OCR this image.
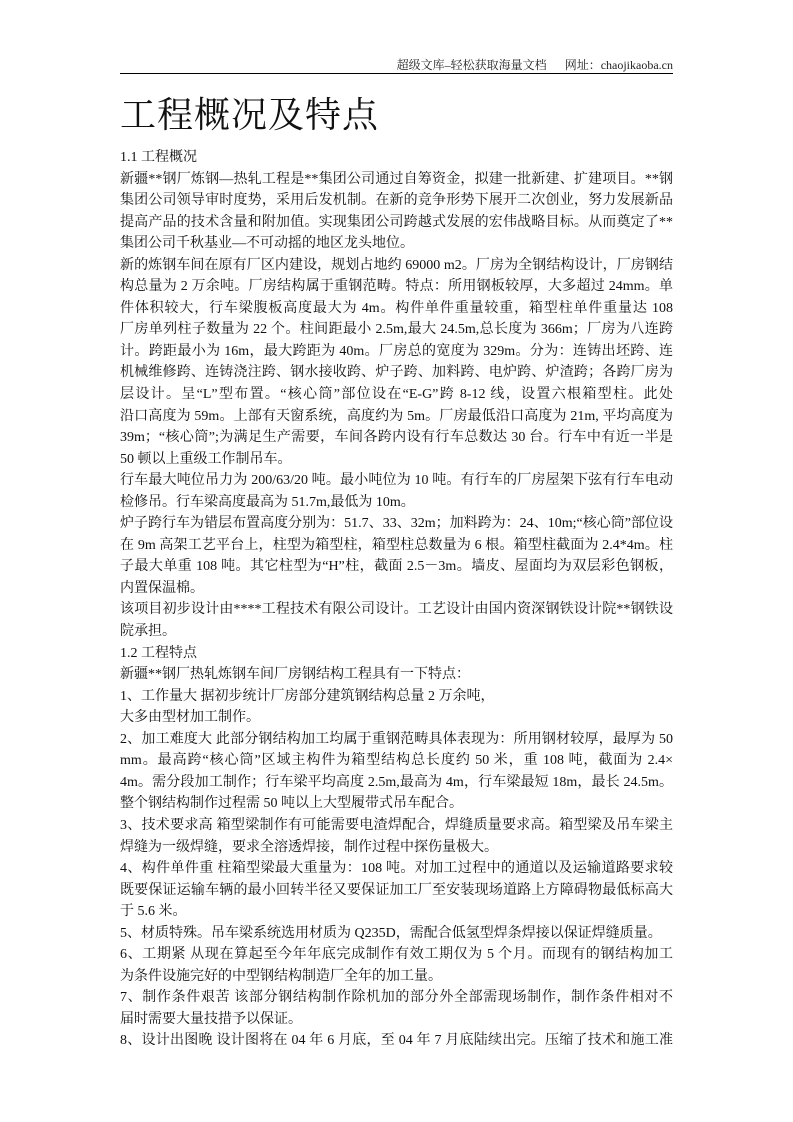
超级文库–轻松获取海量文档 网址：chaojikaoba.cn
工程概况及特点
1.1 工程概况
新疆**钢厂炼钢—热轧工程是**集团公司通过自筹资金，拟建一批新建、扩建项目。**钢
集团公司领导审时度势，采用后发机制。在新的竞争形势下展开二次创业，努力发展新品
提高产品的技术含量和附加值。实现集团公司跨越式发展的宏伟战略目标。从而奠定了**
集团公司千秋基业—不可动摇的地区龙头地位。
新的炼钢车间在原有厂区内建设，规划占地约 69000 m2。厂房为全钢结构设计，厂房钢结
构总量为 2 万余吨。厂房结构属于重钢范畴。特点：所用钢板较厚，大多超过 24mm。单
件体积较大，行车梁腹板高度最大为 4m。构件单件重量较重，箱型柱单件重量达 108
厂房单列柱子数量为 22 个。柱间距最小 2.5m,最大 24.5m,总长度为 366m；厂房为八连跨
计。跨距最小为 16m，最大跨距为 40m。厂房总的宽度为 329m。分为：连铸出坯跨、连
机械维修跨、连铸浇注跨、钢水接收跨、炉子跨、加料跨、电炉跨、炉渣跨；各跨厂房为
层设计。呈“L”型布置。“核心筒”部位设在“E-G”跨 8-12 线，设置六根箱型柱。此处
沿口高度为 59m。上部有天窗系统，高度约为 5m。厂房最低沿口高度为 21m, 平均高度为
39m；“核心筒”;为满足生产需要，车间各跨内设有行车总数达 30 台。行车中有近一半是
50 顿以上重级工作制吊车。
行车最大吨位吊力为 200/63/20 吨。最小吨位为 10 吨。有行车的厂房屋架下弦有行车电动
检修吊。行车梁高度最高为 51.7m,最低为 10m。
炉子跨行车为错层布置高度分别为：51.7、33、32m；加料跨为：24、10m;“核心筒”部位设
在 9m 高架工艺平台上，柱型为箱型柱，箱型柱总数量为 6 根。箱型柱截面为 2.4*4m。柱
子最大单重 108 吨。其它柱型为“H”柱，截面 2.5－3m。墙皮、屋面均为双层彩色钢板，
内置保温棉。
该项目初步设计由****工程技术有限公司设计。工艺设计由国内资深钢铁设计院**钢铁设
院承担。
1.2 工程特点
新疆**钢厂热轧炼钢车间厂房钢结构工程具有一下特点：
1、工作量大 据初步统计厂房部分建筑钢结构总量 2 万余吨，
大多由型材加工制作。
2、加工难度大 此部分钢结构加工均属于重钢范畴具体表现为：所用钢材较厚，最厚为 50
mm。最高跨“核心筒”区域主构件为箱型结构总长度约 50 米，重 108 吨，截面为 2.4×
4m。需分段加工制作；行车梁平均高度 2.5m,最高为 4m，行车梁最短 18m，最长 24.5m。
整个钢结构制作过程需 50 吨以上大型履带式吊车配合。
3、技术要求高 箱型梁制作有可能需要电渣焊配合，焊缝质量要求高。箱型梁及吊车梁主
焊缝为一级焊缝，要求全溶透焊接，制作过程中探伤量极大。
4、构件单件重 柱箱型梁最大重量为：108 吨。对加工过程中的通道以及运输道路要求较
既要保证运输车辆的最小回转半径又要保证加工厂至安装现场道路上方障碍物最低标高大
于 5.6 米。
5、材质特殊。吊车梁系统选用材质为 Q235D，需配合低氢型焊条焊接以保证焊缝质量。
6、工期紧 从现在算起至今年年底完成制作有效工期仅为 5 个月。而现有的钢结构加工
为条件设施完好的中型钢结构制造厂全年的加工量。
7、制作条件艰苦 该部分钢结构制作除机加的部分外全部需现场制作，制作条件相对不
届时需要大量技措予以保证。
8、设计出图晚 设计图将在 04 年 6 月底，至 04 年 7 月底陆续出完。压缩了技术和施工准
